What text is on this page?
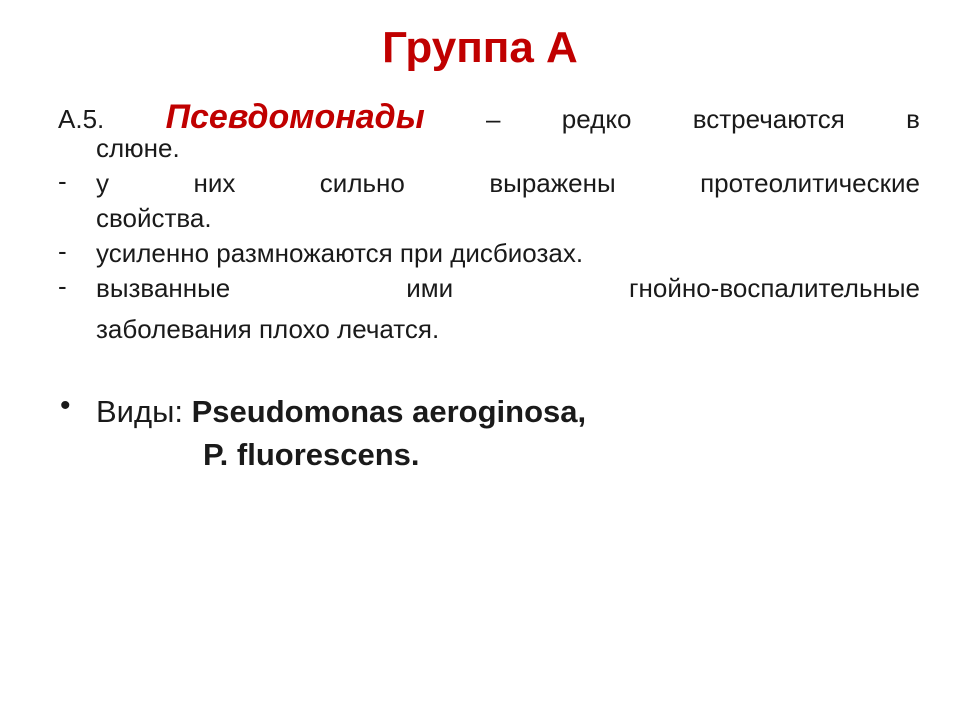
Группа А
А.5. Псевдомонады – редко встречаются в
слюне.
-	у них сильно выражены протеолитические
свойства.
-	усиленно размножаются при дисбиозах.
-	вызванные ими гнойно-воспалительные
заболевания плохо лечатся.
• Виды: Pseudomonas aeroginosa,
P. fluorescens.
